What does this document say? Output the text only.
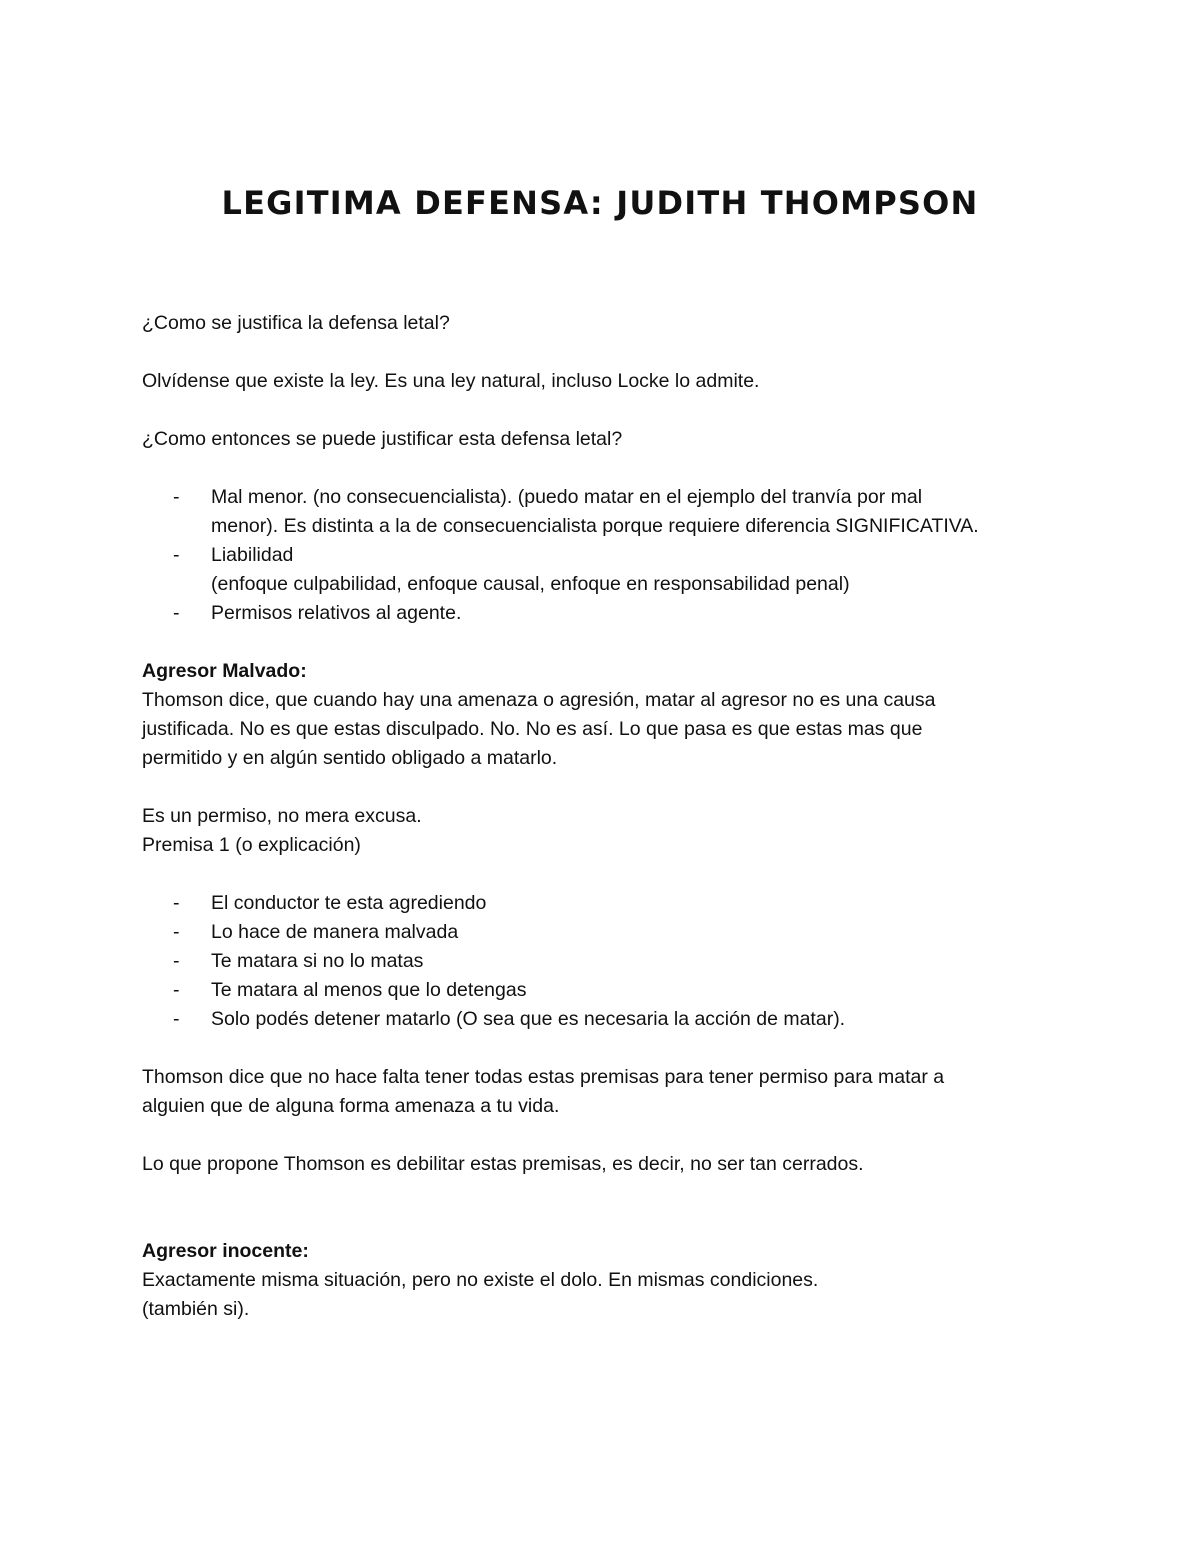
LEGITIMA DEFENSA: JUDITH THOMPSON

¿Como se justifica la defensa letal?

Olvídense que existe la ley. Es una ley natural, incluso Locke lo admite.

¿Como entonces se puede justificar esta defensa letal?

- Mal menor. (no consecuencialista). (puedo matar en el ejemplo del tranvía por mal
menor). Es distinta a la de consecuencialista porque requiere diferencia SIGNIFICATIVA.
- Liabilidad
(enfoque culpabilidad, enfoque causal, enfoque en responsabilidad penal)
- Permisos relativos al agente.

Agresor Malvado:

Thomson dice, que cuando hay una amenaza o agresión, matar al agresor no es una causa

justificada. No es que estas disculpado. No. No es así. Lo que pasa es que estas mas que

permitido y en algún sentido obligado a matarlo.

Es un permiso, no mera excusa.

Premisa 1 (o explicación)

- El conductor te esta agrediendo
- Lo hace de manera malvada
- Te matara si no lo matas
- Te matara al menos que lo detengas
- Solo podés detener matarlo (O sea que es necesaria la acción de matar).

Thomson dice que no hace falta tener todas estas premisas para tener permiso para matar a

alguien que de alguna forma amenaza a tu vida.

Lo que propone Thomson es debilitar estas premisas, es decir, no ser tan cerrados.

Agresor inocente:

Exactamente misma situación, pero no existe el dolo. En mismas condiciones.

(también si).
